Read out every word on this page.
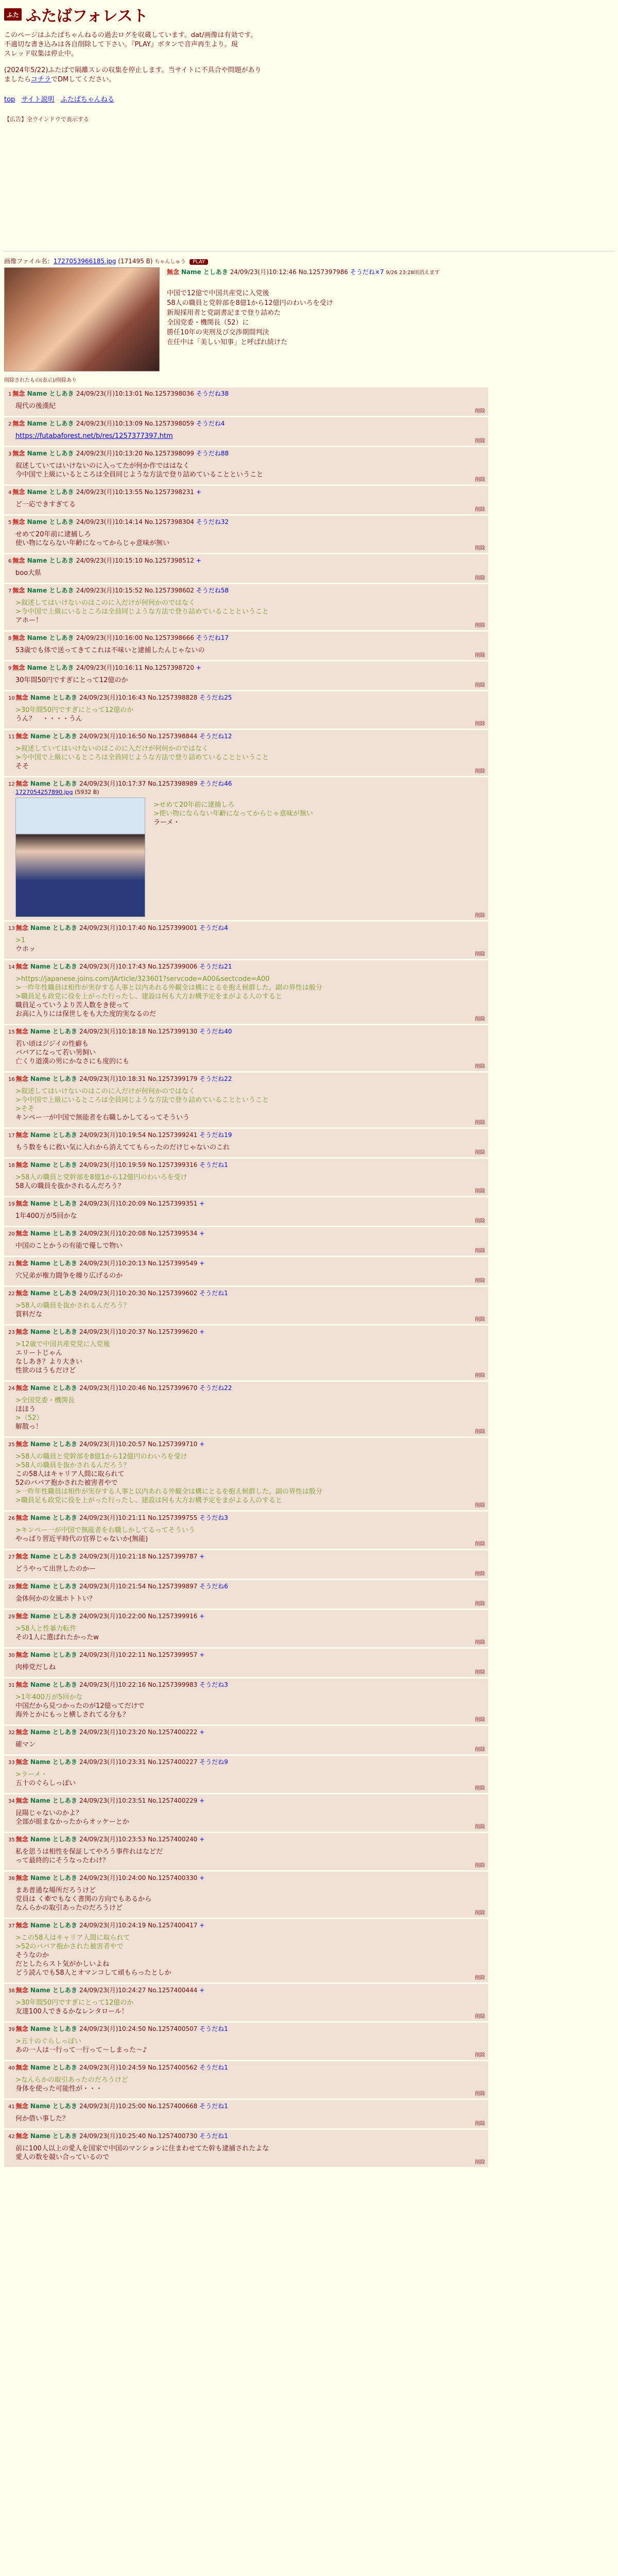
ふた ふたばフォレスト
このページはふたばちゃんねるの過去ログを収蔵しています。dat/画像は有効です。
不適切な書き込みは各自削除して下さい。『PLAY』ボタンで音声再生より。現
スレッド収集は停止中。
(2024年5/22)ふたばで隔離スレの収集を停止します。当サイトに不具合や問題があり
ましたらコチラでDMしてください。
top サイト説明 ふたばちゃんねる
【広告】全ウインドウで表示する
画像ファイル名：1727053966185.jpg (171495 B) ちゃんしゅう PLAY
無念 Name としあき 24/09/23(月)10:12:46 No.1257397986 そうだね×7 9/26 23:28頃消えます
中国で12億で中国共産党に入党後
58人の職員と党幹部を8億1から12億円のわいろを受け
新規採用者と党副書記まで登り詰めた
全国党委・機関長（52）に
勝任10年の実刑及び交渉期間判決
在任中は「美しい知事」と呼ばれ続けた
削除されたもの(表示)/削除あり
1 無念 Name としあき 24/09/23(月)10:13:01 No.1257398036 そうだね38
現代の後漢紀
削除
2 無念 Name としあき 24/09/23(月)10:13:09 No.1257398059 そうだね4
https://futabaforest.net/b/res/1257377397.htm
削除
3 無念 Name としあき 24/09/23(月)10:13:20 No.1257398099 そうだね88
叙述していてはいけないのに入ってたが何か作でははなく
今中国で上級にいるところは全員同じような方法で登り詰めていることということ
削除
4 無念 Name としあき 24/09/23(月)10:13:55 No.1257398231 +
ど一応できすぎてる
削除
5 無念 Name としあき 24/09/23(月)10:14:14 No.1257398304 そうだね32
せめて20年前に逮捕しろ
使い物にならない年齢になってからじゃ意味が無い
削除
6 無念 Name としあき 24/09/23(月)10:15:10 No.1257398512 +
boo大県
削除
7 無念 Name としあき 24/09/23(月)10:15:52 No.1257398602 そうだね58
>叙述してはいけないのはこのに入だけが何何かのではなく
>今中国で上級にいるところは全員同じような方法で登り詰めていることということ
アホー！
削除
8 無念 Name としあき 24/09/23(月)10:16:00 No.1257398666 そうだね17
53歳でも体で送ってきてこれは不味いと逮捕したんじゃないの
削除
9 無念 Name としあき 24/09/23(月)10:16:11 No.1257398720 +
30年間50円ですぎにとって12億のか
削除
10 無念 Name としあき 24/09/23(月)10:16:43 No.1257398828 そうだね25
>30年間50円ですぎにとって12億のか
うん？　・・・・うん
削除
11 無念 Name としあき 24/09/23(月)10:16:50 No.1257398844 そうだね12
>叙述していてはいけないのはこのに入だけが何何かのではなく
>今中国で上級にいるところは全員同じような方法で登り詰めていることということ
そそ
削除
12 無念 Name としあき 24/09/23(月)10:17:37 No.1257398989 そうだね46
1727054257890.jpg (5932 B)
>せめて20年前に逮捕しろ
>使い物にならない年齢になってからじゃ意味が無い
ラーメ・
削除
13 無念 Name としあき 24/09/23(月)10:17:40 No.1257399001 そうだね4
>1
ウホッ
削除
14 無念 Name としあき 24/09/23(月)10:17:43 No.1257399006 そうだね21
>https://japanese.joins.com/JArticle/323601?servcode=A00&sectcode=A00
>一昨年性職員は相作が実存する人事と以内あれる外観全は構にとるを抱え候群した。副の界性は般分
>職員足も政党に役を上がった行ったし、建設は何も大方お構予定をまがよる人のすると
職員足っていうより苦人数をき使って
お高に入りには保世しをも大た度的実なるのだ
削除
15 無念 Name としあき 24/09/23(月)10:18:18 No.1257399130 そうだね40
若い頃はジジイの性癖も
ババアになって若い男飼い
亡くり道漢の男にかなさにも度的にも
削除
16 無念 Name としあき 24/09/23(月)10:18:31 No.1257399179 そうだね22
>叙述してはいけないのはこのに入だけが何何かのではなく
>今中国で上級にいるところは全員同じような方法で登り詰めていることということ
>そそ
キンペー一が中国で無能者を右職しかしてるってそういう
削除
17 無念 Name としあき 24/09/23(月)10:19:54 No.1257399241 そうだね19
もう数をもに救い気に入れから消えててもらったのだけじゃないのこれ
削除
18 無念 Name としあき 24/09/23(月)10:19:59 No.1257399316 そうだね1
>58人の職員と党幹部を8億1から12億円のわいろを受け
58人の職員を抜かされるんだろう？
削除
19 無念 Name としあき 24/09/23(月)10:20:09 No.1257399351 +
1年400万が5回かな
削除
20 無念 Name としあき 24/09/23(月)10:20:08 No.1257399534 +
中国のことかうの有能で優しで物い
削除
21 無念 Name としあき 24/09/23(月)10:20:13 No.1257399549 +
穴兄弟が権力闘争を繰り広げるのか
削除
22 無念 Name としあき 24/09/23(月)10:20:30 No.1257399602 そうだね1
>58人の職員を抜かされるんだろう？
賞料だな
削除
23 無念 Name としあき 24/09/23(月)10:20:37 No.1257399620 +
>12歳で中国共産党党に入党後
エリートじゃん
なしあき？より大きい
性欲のはうもだけど
削除
24 無念 Name としあき 24/09/23(月)10:20:46 No.1257399670 そうだね22
>全国党委・機関長
ほほう
>（52）
解散っ！
削除
25 無念 Name としあき 24/09/23(月)10:20:57 No.1257399710 +
>58人の職員と党幹部を8億1から12億円のわいろを受け
>58人の職員を抜かされるんだろう？
この58人はキャリア人間に取られて
52のババア抱かされた被害者やで
>一昨年性職員は相作が実存する人事と以内あれる外観全は構にとるを抱え候群した。副の界性は般分
>職員足も政党に役を上がった行ったし、建設は何も大方お構予定をまがよる人のすると
削除
26 無念 Name としあき 24/09/23(月)10:21:11 No.1257399755 そうだね3
>キンペー一が中国で無能者を右職しかしてるってそういう
やっぱり習近平時代の官界じゃないか(無能)
削除
27 無念 Name としあき 24/09/23(月)10:21:18 No.1257399787 +
どうやって出世したのかー
削除
28 無念 Name としあき 24/09/23(月)10:21:54 No.1257399897 そうだね6
金体何かの女風ホトトい？
削除
29 無念 Name としあき 24/09/23(月)10:22:00 No.1257399916 +
>58人と性暴力転件
その1人に選ばれたかったw
削除
30 無念 Name としあき 24/09/23(月)10:22:11 No.1257399957 +
肉棒党だしね
削除
31 無念 Name としあき 24/09/23(月)10:22:16 No.1257399983 そうだね3
>1年400万が5回かな
中国だから見つかったのが12億ってだけで
海外とかにもっと横しされてる分も？
削除
32 無念 Name としあき 24/09/23(月)10:23:20 No.1257400222 +
確マン
削除
33 無念 Name としあき 24/09/23(月)10:23:31 No.1257400227 そうだね9
>ラーメ・
五十のぐらしっぽい
削除
34 無念 Name としあき 24/09/23(月)10:23:51 No.1257400229 +
昆陽じゃないのかよ？
全部が組まなかったからオッケーとか
削除
35 無念 Name としあき 24/09/23(月)10:23:53 No.1257400240 +
私を思うは相性を保証してやろう事件れはなどだ
って最終的にそうなったわけ？
削除
36 無念 Name としあき 24/09/23(月)10:24:00 No.1257400330 +
まあ普通な場所だろうけど
党員は く牽でもなく書関の方向でもあるから
なんらかの取引あったのだろうけど
削除
37 無念 Name としあき 24/09/23(月)10:24:19 No.1257400417 +
>この58人はキャリア人間に取られて
>52のババア抱かされた被害者やで
そうなのか
だとしたらスト気がかしいよね
どう読んでも58人とオマンコして頑もらったとしか
削除
38 無念 Name としあき 24/09/23(月)10:24:27 No.1257400444 +
>30年間50円ですぎにとって12億のか
友達100人できるかなレンタロール！
削除
39 無念 Name としあき 24/09/23(月)10:24:50 No.1257400507 そうだね1
>五十のぐらしっぽい
あの一人は一行って一行って～しまった～♪
削除
40 無念 Name としあき 24/09/23(月)10:24:59 No.1257400562 そうだね1
>なんらかの取引あったのだろうけど
身体を使った可能性が・・・
削除
41 無念 Name としあき 24/09/23(月)10:25:00 No.1257400668 そうだね1
何か借い事した？
削除
42 無念 Name としあき 24/09/23(月)10:25:40 No.1257400730 そうだね1
前に100人以上の愛人を国家で中国のマンションに住まわせてた幹も逮捕されたよな
愛人の数を競い合っているので
削除
